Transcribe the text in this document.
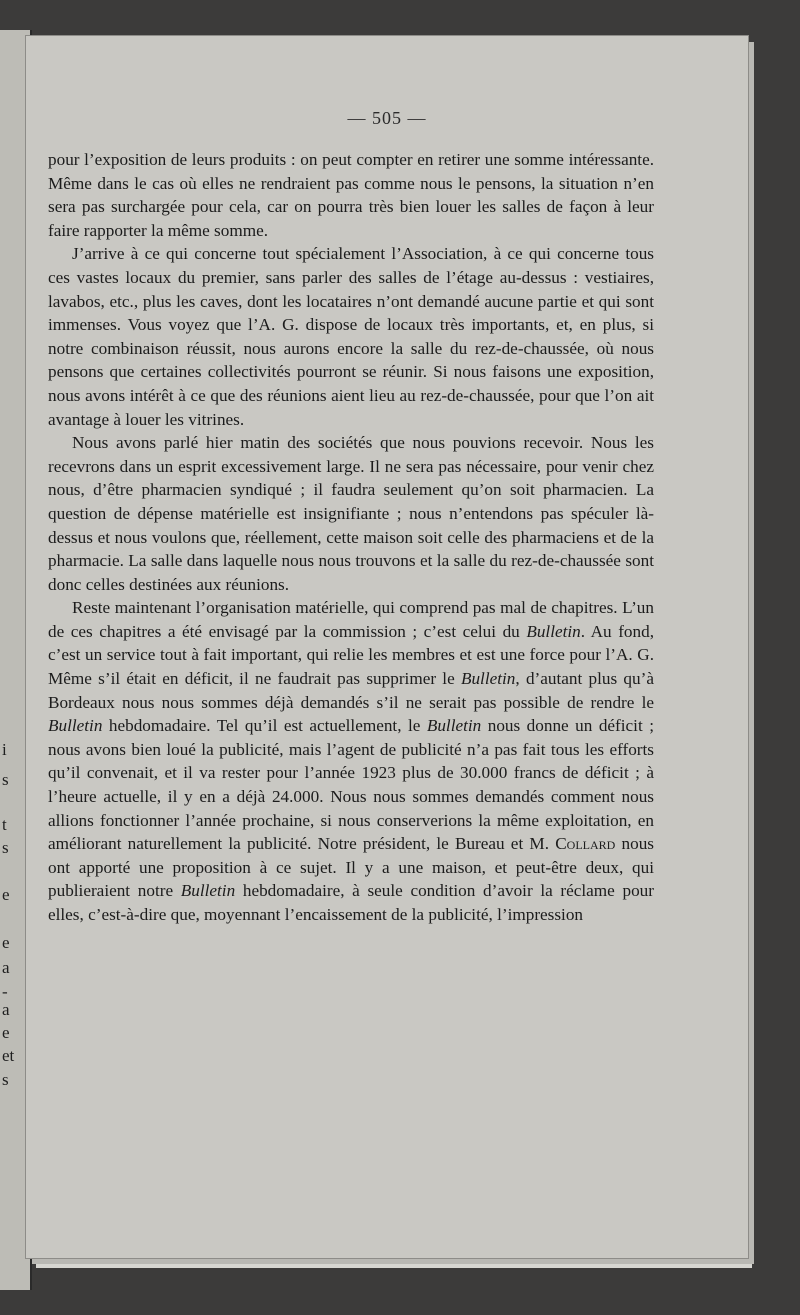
i
s
t
s
e
e
a
-
a
e
et
s
— 505 —

pour l’exposition de leurs produits : on peut compter en retirer une somme intéressante. Même dans le cas où elles ne rendraient pas comme nous le pensons, la situation n’en sera pas surchargée pour cela, car on pourra très bien louer les salles de façon à leur faire rapporter la même somme.

J’arrive à ce qui concerne tout spécialement l’Association, à ce qui concerne tous ces vastes locaux du premier, sans parler des salles de l’étage au-dessus : vestiaires, lavabos, etc., plus les caves, dont les locataires n’ont demandé aucune partie et qui sont immenses. Vous voyez que l’A. G. dispose de locaux très importants, et, en plus, si notre combinaison réussit, nous aurons encore la salle du rez-de-chaussée, où nous pensons que certaines collectivités pourront se réunir. Si nous faisons une exposition, nous avons intérêt à ce que des réunions aient lieu au rez-de-chaussée, pour que l’on ait avantage à louer les vitrines.

Nous avons parlé hier matin des sociétés que nous pouvions recevoir. Nous les recevrons dans un esprit excessivement large. Il ne sera pas nécessaire, pour venir chez nous, d’être pharmacien syndiqué ; il faudra seulement qu’on soit pharmacien. La question de dépense matérielle est insignifiante ; nous n’entendons pas spéculer là-dessus et nous voulons que, réellement, cette maison soit celle des pharmaciens et de la pharmacie. La salle dans laquelle nous nous trouvons et la salle du rez-de-chaussée sont donc celles destinées aux réunions.

Reste maintenant l’organisation matérielle, qui comprend pas mal de chapitres. L’un de ces chapitres a été envisagé par la commission ; c’est celui du Bulletin. Au fond, c’est un service tout à fait important, qui relie les membres et est une force pour l’A. G. Même s’il était en déficit, il ne faudrait pas supprimer le Bulletin, d’autant plus qu’à Bordeaux nous nous sommes déjà demandés s’il ne serait pas possible de rendre le Bulletin hebdomadaire. Tel qu’il est actuellement, le Bulletin nous donne un déficit ; nous avons bien loué la publicité, mais l’agent de publicité n’a pas fait tous les efforts qu’il convenait, et il va rester pour l’année 1923 plus de 30.000 francs de déficit ; à l’heure actuelle, il y en a déjà 24.000. Nous nous sommes demandés comment nous allions fonctionner l’année prochaine, si nous conserverions la même exploitation, en améliorant naturellement la publicité. Notre président, le Bureau et M. Collard nous ont apporté une proposition à ce sujet. Il y a une maison, et peut-être deux, qui publieraient notre Bulletin hebdomadaire, à seule condition d’avoir la réclame pour elles, c’est-à-dire que, moyennant l’encaissement de la publicité, l’impression
